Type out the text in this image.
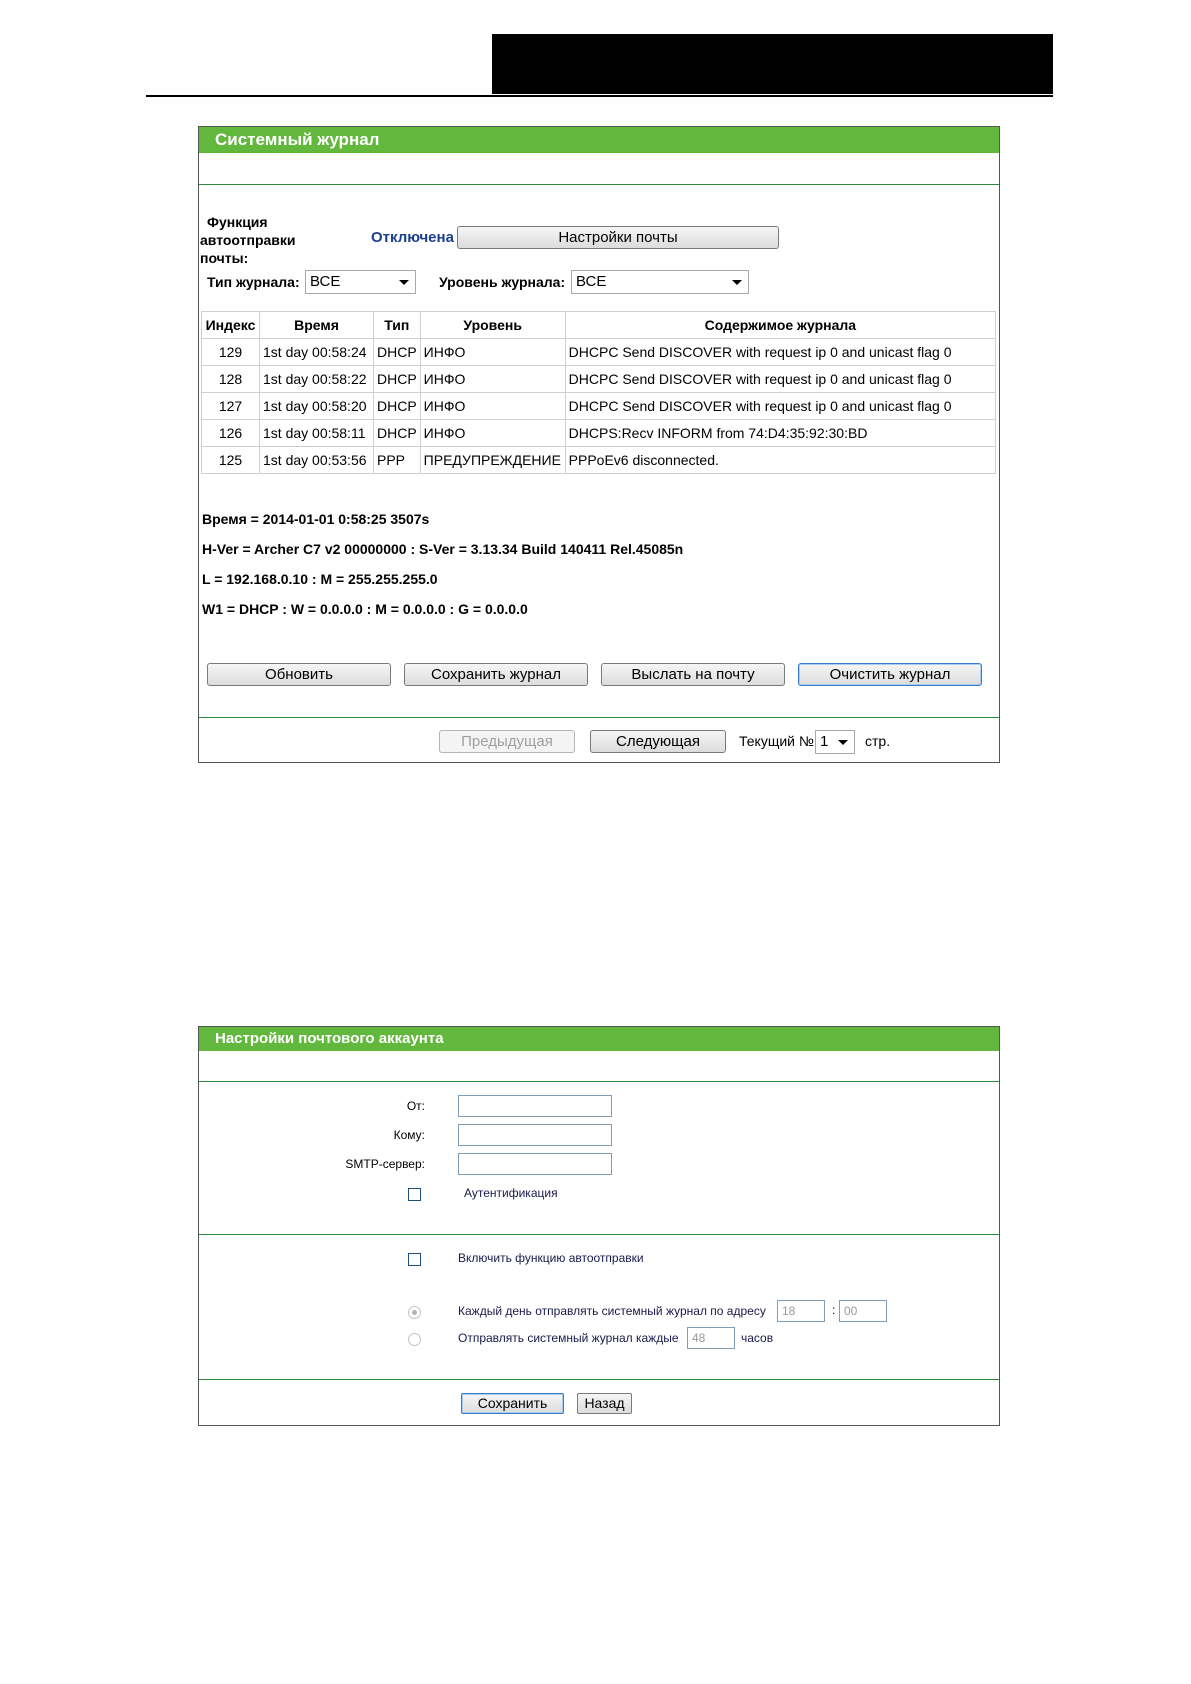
Системный журнал
Функция
автоотправки
почты:
Отключена	Настройки почты
Тип журнала: ВСЕ	Уровень журнала: ВСЕ
Индекс	Время	Тип	Уровень	Содержимое журнала
129	1st day 00:58:24	DHCP	ИНФО	DHCPC Send DISCOVER with request ip 0 and unicast flag 0
128	1st day 00:58:22	DHCP	ИНФО	DHCPC Send DISCOVER with request ip 0 and unicast flag 0
127	1st day 00:58:20	DHCP	ИНФО	DHCPC Send DISCOVER with request ip 0 and unicast flag 0
126	1st day 00:58:11	DHCP	ИНФО	DHCPS:Recv INFORM from 74:D4:35:92:30:BD
125	1st day 00:53:56	PPP	ПРЕДУПРЕЖДЕНИЕ	PPPoEv6 disconnected.
Время = 2014-01-01 0:58:25 3507s
H-Ver = Archer C7 v2 00000000 : S-Ver = 3.13.34 Build 140411 Rel.45085n
L = 192.168.0.10 : M = 255.255.255.0
W1 = DHCP : W = 0.0.0.0 : M = 0.0.0.0 : G = 0.0.0.0
Обновить	Сохранить журнал	Выслать на почту	Очистить журнал
Предыдущая	Следующая	Текущий № 1	стр.
Настройки почтового аккаунта
От:
Кому:
SMTP-сервер:
Аутентификация
Включить функцию автоотправки
Каждый день отправлять системный журнал по адресу	18	: 00
Отправлять системный журнал каждые	48	часов
Сохранить	Назад
